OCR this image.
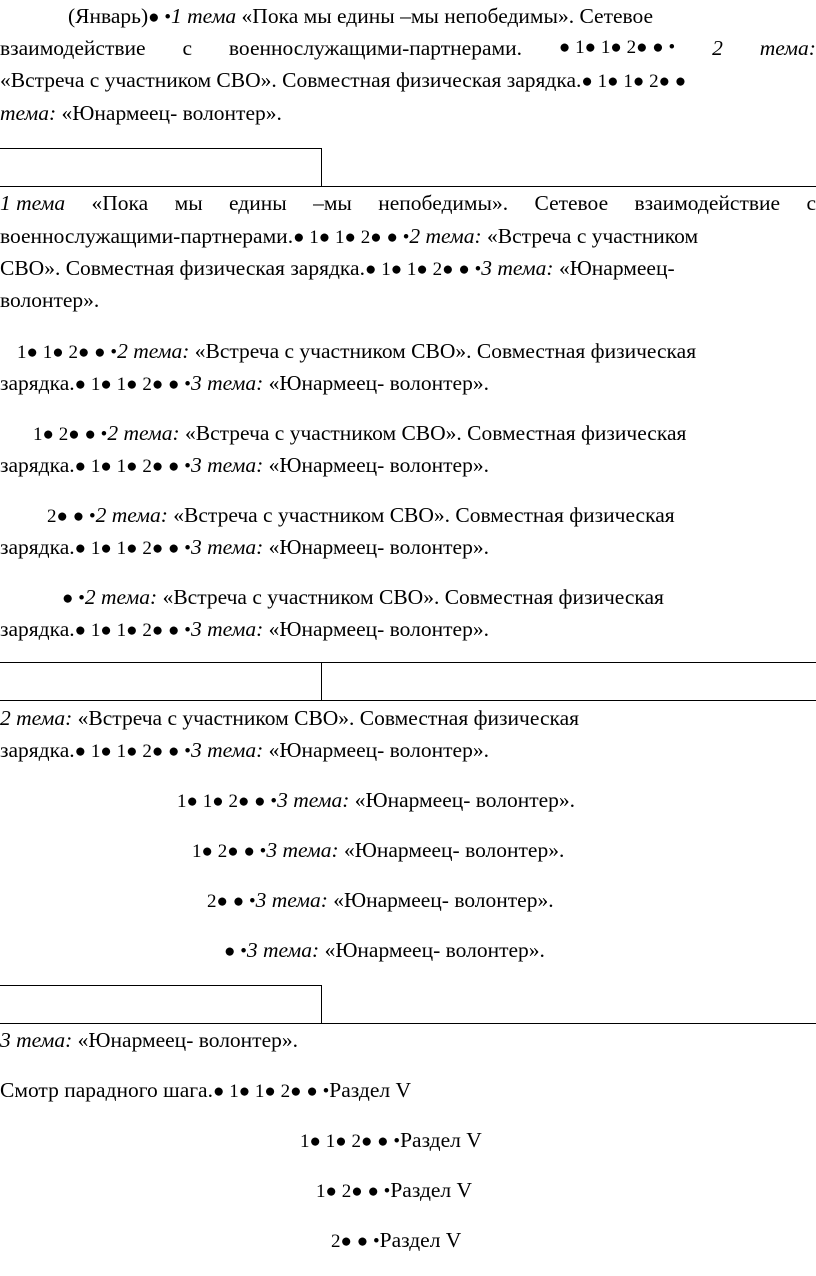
(Январь)● •1 тема «Пока мы едины –мы непобедимы». Сетевое
взаимодействие с военнослужащими-партнерами. ● 1● 1● 2● ● • 2 тема:
«Встреча с участником СВО». Совместная физическая зарядка.● 1● 1● 2● ●
тема: «Юнармеец- волонтер».
1 тема «Пока мы едины –мы непобедимы». Сетевое взаимодействие с
военнослужащими-партнерами.● 1● 1● 2● ● •2 тема: «Встреча с участником
СВО». Совместная физическая зарядка.● 1● 1● 2● ● •3 тема: «Юнармеец-
волонтер».
1● 1● 2● ● •2 тема: «Встреча с участником СВО». Совместная физическая
зарядка.● 1● 1● 2● ● •3 тема: «Юнармеец- волонтер».
1● 2● ● •2 тема: «Встреча с участником СВО». Совместная физическая
зарядка.● 1● 1● 2● ● •3 тема: «Юнармеец- волонтер».
2● ● •2 тема: «Встреча с участником СВО». Совместная физическая
зарядка.● 1● 1● 2● ● •3 тема: «Юнармеец- волонтер».
● •2 тема: «Встреча с участником СВО». Совместная физическая
зарядка.● 1● 1● 2● ● •3 тема: «Юнармеец- волонтер».
2 тема: «Встреча с участником СВО». Совместная физическая
зарядка.● 1● 1● 2● ● •3 тема: «Юнармеец- волонтер».
1● 1● 2● ● •3 тема: «Юнармеец- волонтер».
1● 2● ● •3 тема: «Юнармеец- волонтер».
2● ● •3 тема: «Юнармеец- волонтер».
● •3 тема: «Юнармеец- волонтер».
3 тема: «Юнармеец- волонтер».
Смотр парадного шага.● 1● 1● 2● ● •Раздел V
1● 1● 2● ● •Раздел V
1● 2● ● •Раздел V
2● ● •Раздел V
